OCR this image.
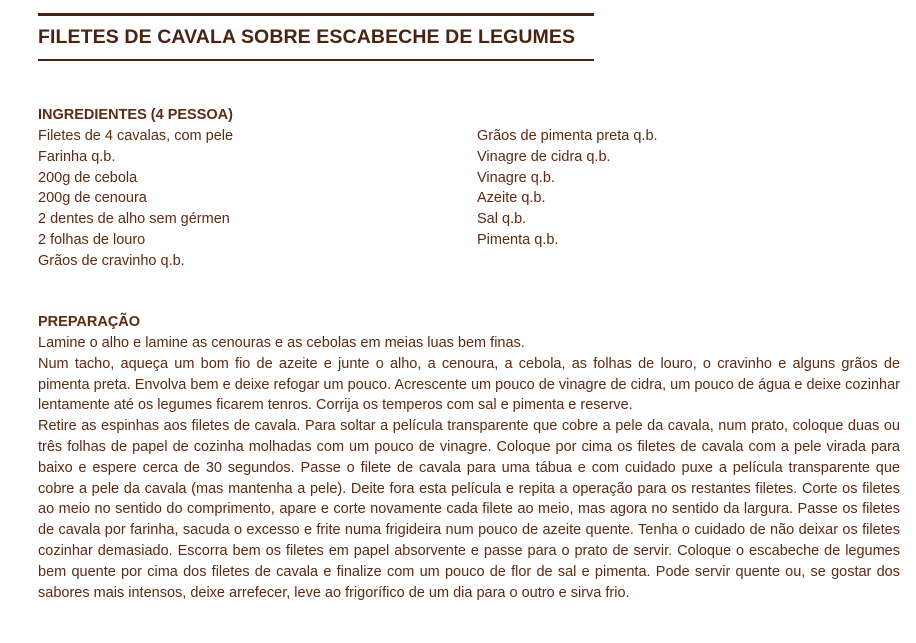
FILETES DE CAVALA SOBRE ESCABECHE DE LEGUMES
INGREDIENTES (4 PESSOA)
Filetes de 4 cavalas, com pele
Farinha q.b.
200g de cebola
200g de cenoura
2 dentes de alho sem gérmen
2 folhas de louro
Grãos de cravinho q.b.
Grãos de pimenta preta q.b.
Vinagre de cidra q.b.
Vinagre q.b.
Azeite q.b.
Sal q.b.
Pimenta q.b.
PREPARAÇÃO

Lamine o alho e lamine as cenouras e as cebolas em meias luas bem finas.

Num tacho, aqueça um bom fio de azeite e junte o alho, a cenoura, a cebola, as folhas de louro, o cravinho e alguns grãos de pimenta preta. Envolva bem e deixe refogar um pouco. Acrescente um pouco de vinagre de cidra, um pouco de água e deixe cozinhar lentamente até os legumes ficarem tenros. Corrija os temperos com sal e pimenta e reserve.

Retire as espinhas aos filetes de cavala. Para soltar a película transparente que cobre a pele da cavala, num prato, coloque duas ou três folhas de papel de cozinha molhadas com um pouco de vinagre. Coloque por cima os filetes de cavala com a pele virada para baixo e espere cerca de 30 segundos. Passe o filete de cavala para uma tábua e com cuidado puxe a película transparente que cobre a pele da cavala (mas mantenha a pele). Deite fora esta película e repita a operação para os restantes filetes. Corte os filetes ao meio no sentido do comprimento, apare e corte novamente cada filete ao meio, mas agora no sentido da largura. Passe os filetes de cavala por farinha, sacuda o excesso e frite numa frigideira num pouco de azeite quente. Tenha o cuidado de não deixar os filetes cozinhar demasiado. Escorra bem os filetes em papel absorvente e passe para o prato de servir. Coloque o escabeche de legumes bem quente por cima dos filetes de cavala e finalize com um pouco de flor de sal e pimenta. Pode servir quente ou, se gostar dos sabores mais intensos, deixe arrefecer, leve ao frigorífico de um dia para o outro e sirva frio.
